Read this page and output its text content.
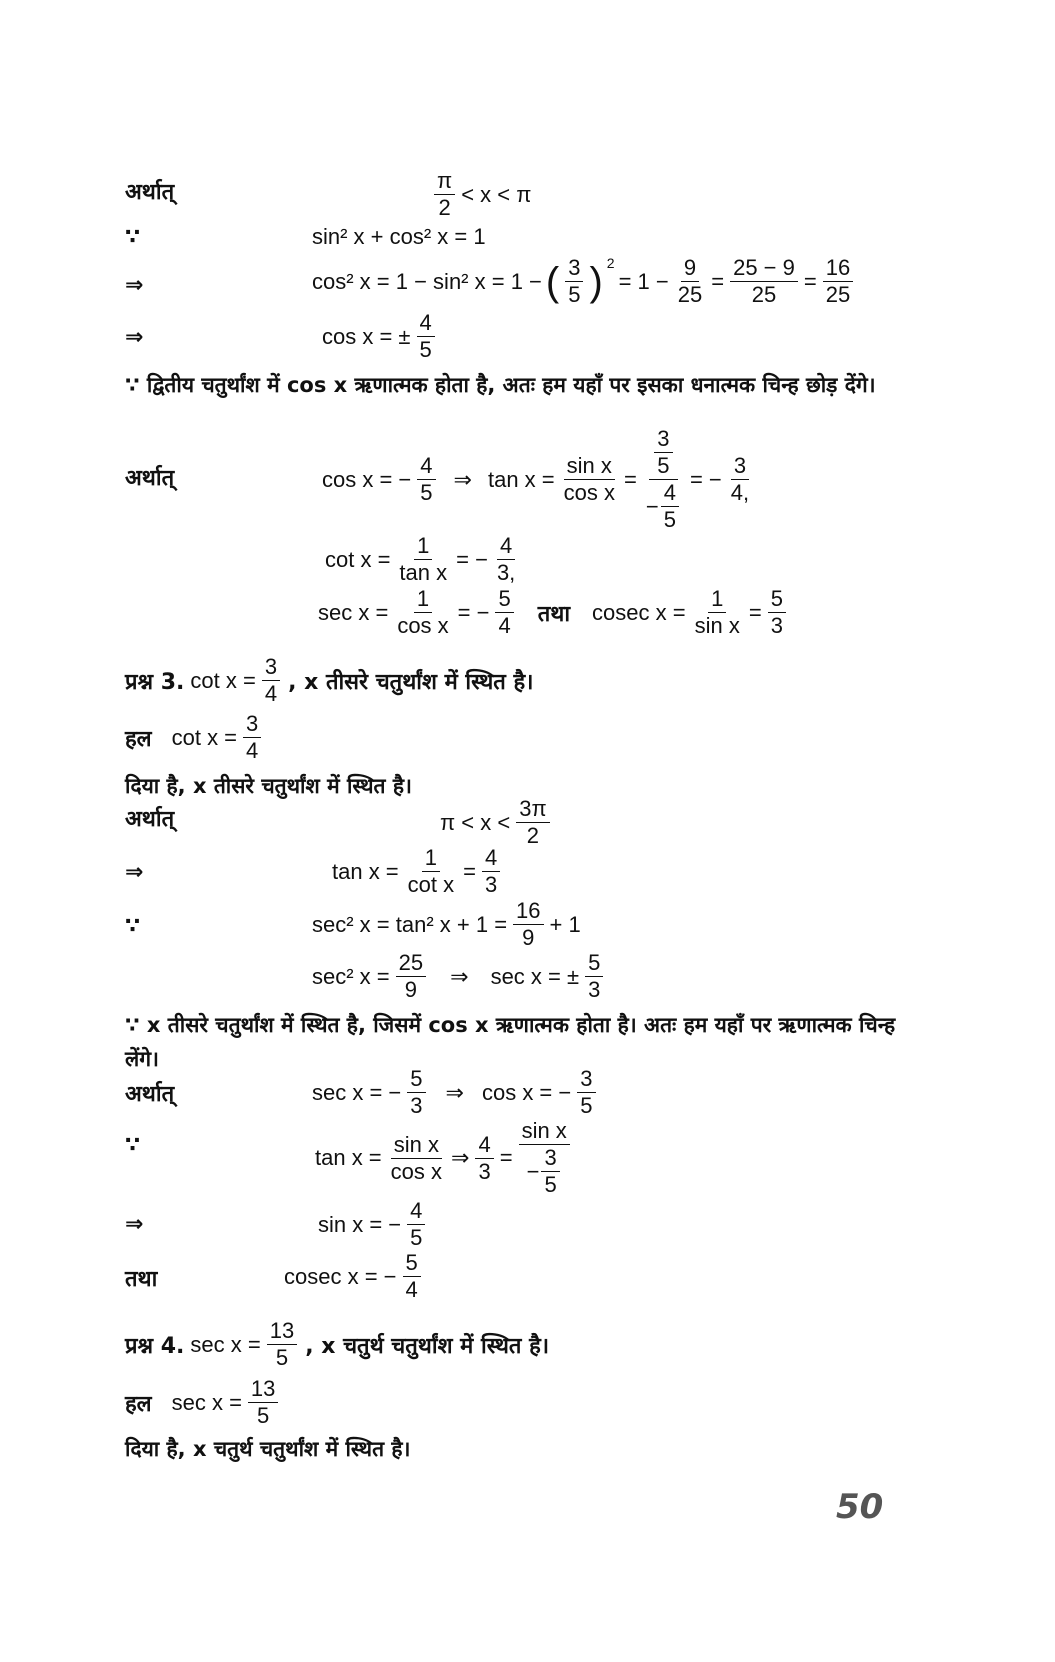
अर्थात्	$\frac{\pi}{2} < x < \pi$
∵	sin² x + cos² x = 1
⇒	cos² x = 1 − sin² x = 1 − ( $\frac{3}{5}$ ) $^2$
= $1 - \frac{9}{25} = \frac{25 - 9}{25} = \frac{16}{25}$
⇒	cos x = ± $\frac{4}{5}$
∵ द्वितीय चतुर्थांश में cos x ऋणात्मक होता है, अतः हम यहाँ पर इसका धनात्मक चिन्ह छोड़ देंगे।
अर्थात्	cos x = − $\frac{4}{5}$ ⇒ $\tan x = \frac{\text{sin x}}{\text{cos x}} = \frac{\frac{3}{5}}{- \frac{4}{5}}$ = − $\frac{3}{4,}$
$\cot x = \frac{1}{\text{tan x}}$ = − $\frac{4}{3,}$
$\sec x = \frac{1}{\text{cos x}}$ = − $\frac{5}{4}$ तथा cosec $x = \frac{1}{\text{sin x}} = \frac{5}{3}$
प्रश्न 3. $\cot x = \frac{3}{4}$ , x तीसरे चतुर्थांश में स्थित है।
हल $\cot x = \frac{3}{4}$
दिया है, x तीसरे चतुर्थांश में स्थित है।
अर्थात्	$\pi < x < \frac{3\pi}{2}$
⇒	$\tan x = \frac{1}{\text{cot x}} = \frac{4}{3}$
∵	sec² x = tan² $x + 1 = \frac{16}{9} + 1$
sec² $x = \frac{25}{9}$ ⇒ sec x = ± $\frac{5}{3}$
∵ x तीसरे चतुर्थांश में स्थित है, जिसमें cos x ऋणात्मक होता है। अतः हम यहाँ पर ऋणात्मक चिन्ह लेंगे।
अर्थात्	sec x = − $\frac{5}{3}$ ⇒ cos x = − $\frac{3}{5}$
∵	$\tan x = \frac{\text{sin x}}{\text{cos x}}$ ⇒ $\frac{4}{3} = \frac{\text{sin x}}{- \frac{3}{5}}$
⇒	sin x = − $\frac{4}{5}$
तथा	cosec x = − $\frac{5}{4}$
प्रश्न 4. $\sec x = \frac{13}{5}$ , x चतुर्थ चतुर्थांश में स्थित है।
हल $\sec x = \frac{13}{5}$
दिया है, x चतुर्थ चतुर्थांश में स्थित है।
50
